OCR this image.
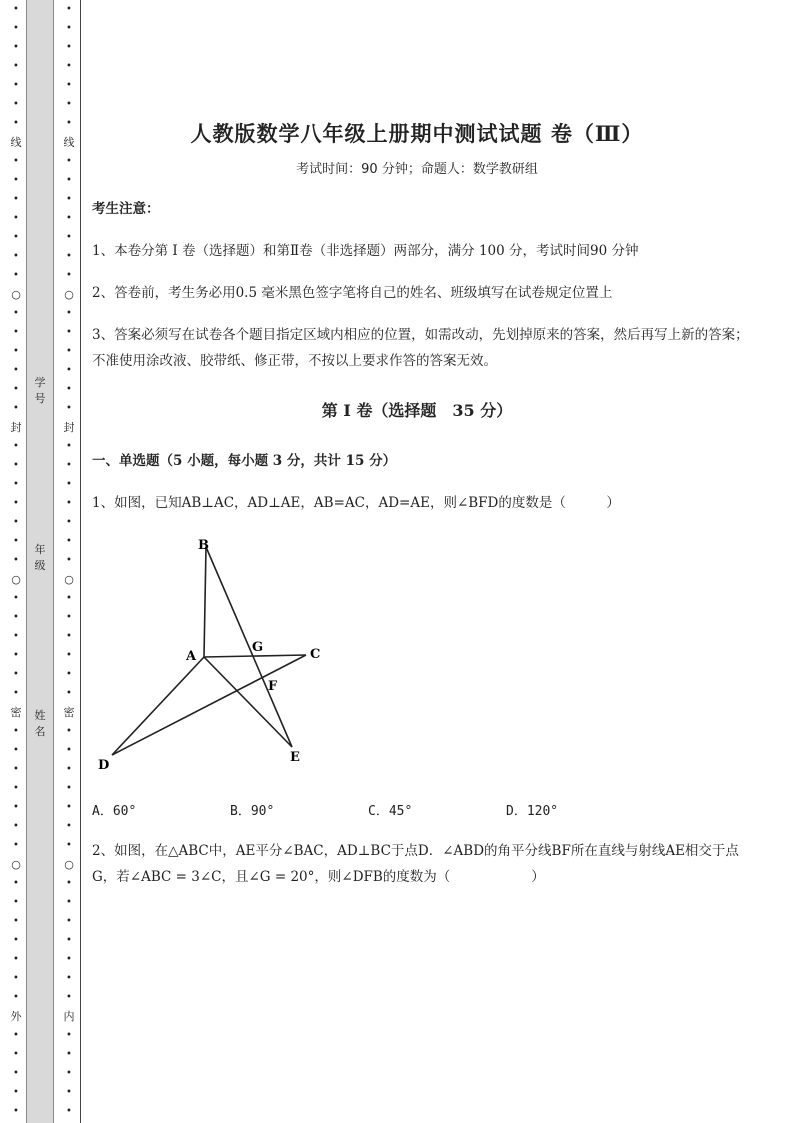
•
•
•
•
•
•
•
线
•
•
•
•
•
•
•
○
•
•
•
•
•
•
封
•
•
•
•
•
•
•
○
•
•
•
•
•
•
密
•
•
•
•
•
•
•
○
•
•
•
•
•
•
•
外
•
•
•
•
•
•
•
•
•
•
•
•
线
•
•
•
•
•
•
•
○
•
•
•
•
•
•
封
•
•
•
•
•
•
•
○
•
•
•
•
•
•
密
•
•
•
•
•
•
•
○
•
•
•
•
•
•
•
内
•
•
•
•
•
学号
年级
姓名
人教版数学八年级上册期中测试试题 卷（Ⅲ）
考试时间：90 分钟；命题人：数学教研组
考生注意：
1、本卷分第 I 卷（选择题）和第Ⅱ卷（非选择题）两部分，满分 100 分，考试时间90 分钟
2、答卷前，考生务必用0.5 毫米黑色签字笔将自己的姓名、班级填写在试卷规定位置上
3、答案必须写在试卷各个题目指定区域内相应的位置，如需改动，先划掉原来的答案，然后再写上新的答案；不准使用涂改液、胶带纸、修正带，不按以上要求作答的答案无效。
第 I 卷（选择题　35 分）
一、单选题（5 小题，每小题 3 分，共计 15 分）
1、如图，已知AB⊥AC，AD⊥AE，AB=AC，AD=AE，则∠BFD的度数是（　　　）
A．60°	B．90°	C．45°	D．120°
2、如图，在△ABC中，AE平分∠BAC，AD⊥BC于点D．∠ABD的角平分线BF所在直线与射线AE相交于点G，若∠ABC = 3∠C，且∠G = 20°，则∠DFB的度数为（　　　　　　）
B
A
G	C
F
D
E
